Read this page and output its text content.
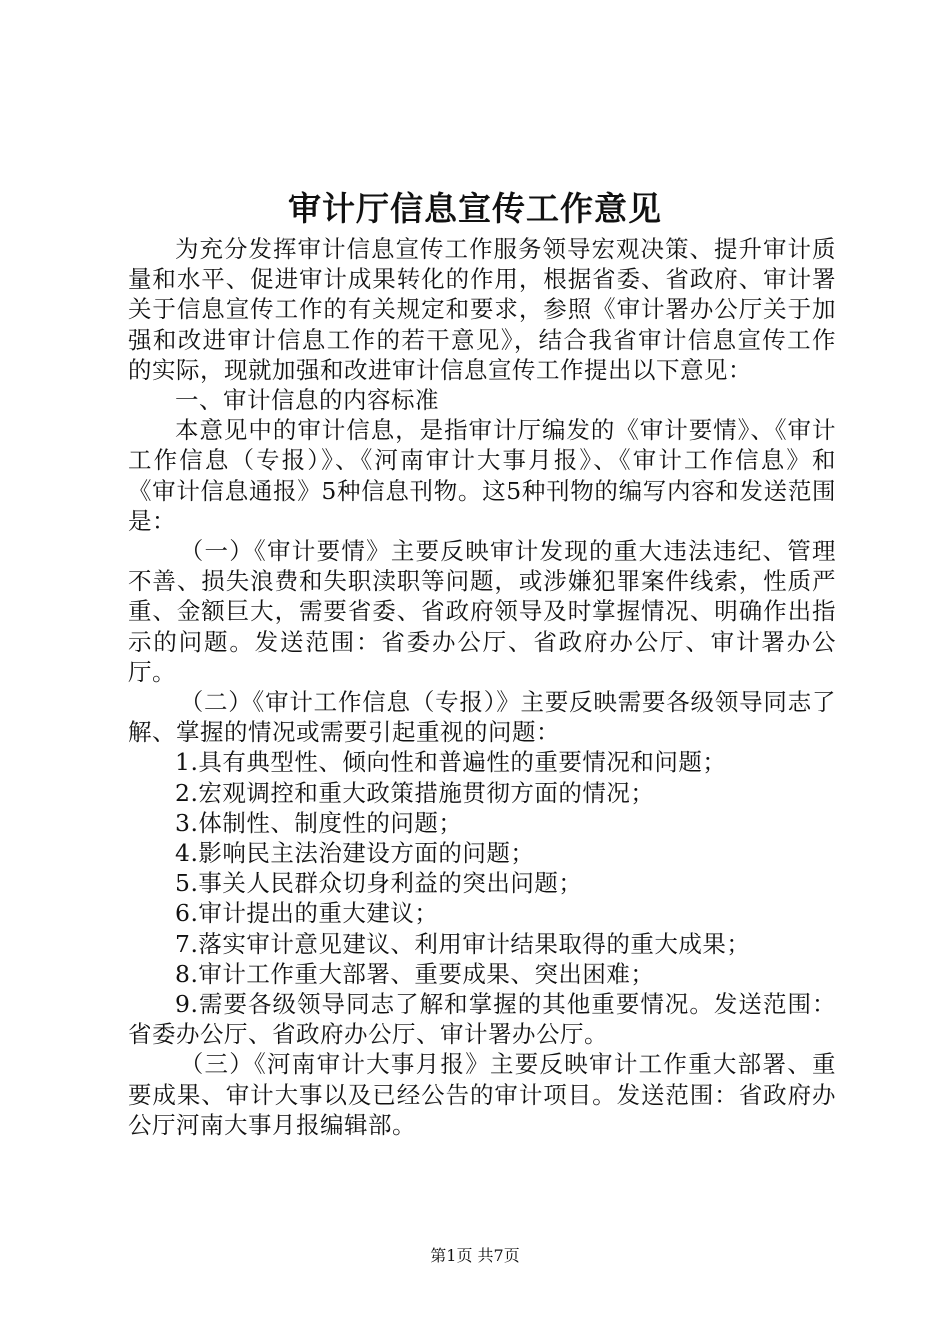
审计厅信息宣传工作意见

为充分发挥审计信息宣传工作服务领导宏观决策、提升审计质量和水平、促进审计成果转化的作用，根据省委、省政府、审计署关于信息宣传工作的有关规定和要求，参照《审计署办公厅关于加强和改进审计信息工作的若干意见》，结合我省审计信息宣传工作的实际，现就加强和改进审计信息宣传工作提出以下意见：

一、审计信息的内容标准

本意见中的审计信息，是指审计厅编发的《审计要情》、《审计工作信息（专报）》、《河南审计大事月报》、《审计工作信息》和《审计信息通报》5种信息刊物。这5种刊物的编写内容和发送范围是：

（一）《审计要情》主要反映审计发现的重大违法违纪、管理不善、损失浪费和失职渎职等问题，或涉嫌犯罪案件线索，性质严重、金额巨大，需要省委、省政府领导及时掌握情况、明确作出指示的问题。发送范围：省委办公厅、省政府办公厅、审计署办公厅。

（二）《审计工作信息（专报）》主要反映需要各级领导同志了解、掌握的情况或需要引起重视的问题：

1.具有典型性、倾向性和普遍性的重要情况和问题；

2.宏观调控和重大政策措施贯彻方面的情况；

3.体制性、制度性的问题；

4.影响民主法治建设方面的问题；

5.事关人民群众切身利益的突出问题；

6.审计提出的重大建议；

7.落实审计意见建议、利用审计结果取得的重大成果；

8.审计工作重大部署、重要成果、突出困难；

9.需要各级领导同志了解和掌握的其他重要情况。发送范围：省委办公厅、省政府办公厅、审计署办公厅。

（三）《河南审计大事月报》主要反映审计工作重大部署、重要成果、审计大事以及已经公告的审计项目。发送范围：省政府办公厅河南大事月报编辑部。

第1页 共7页
